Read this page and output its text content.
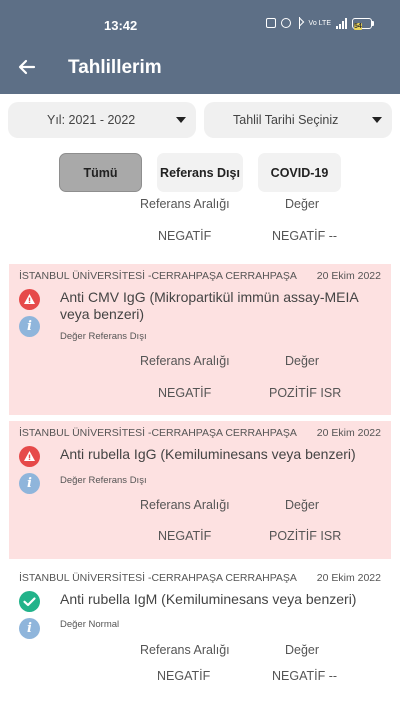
13:42	Vo LTE	54
Tahlillerim
Yıl: 2021 - 2022	Tahlil Tarihi Seçiniz
Tümü	Referans Dışı	COVID-19
Referans Aralığı	Değer
NEGATİF	NEGATİF --
İSTANBUL ÜNİVERSİTESİ -CERRAHPAŞA CERRAHPAŞA 20 Ekim 2022
i
Anti CMV IgG (Mikropartikül immün assay-MEIA veya benzeri)
Değer Referans Dışı
Referans Aralığı	Değer
NEGATİF	POZİTİF ISR
İSTANBUL ÜNİVERSİTESİ -CERRAHPAŞA CERRAHPAŞA 20 Ekim 2022
i
Anti rubella IgG (Kemiluminesans veya benzeri)
Değer Referans Dışı
Referans Aralığı	Değer
NEGATİF	POZİTİF ISR
İSTANBUL ÜNİVERSİTESİ -CERRAHPAŞA CERRAHPAŞA 20 Ekim 2022
i
Anti rubella IgM (Kemiluminesans veya benzeri)
Değer Normal
Referans Aralığı	Değer
NEGATİF	NEGATİF --
